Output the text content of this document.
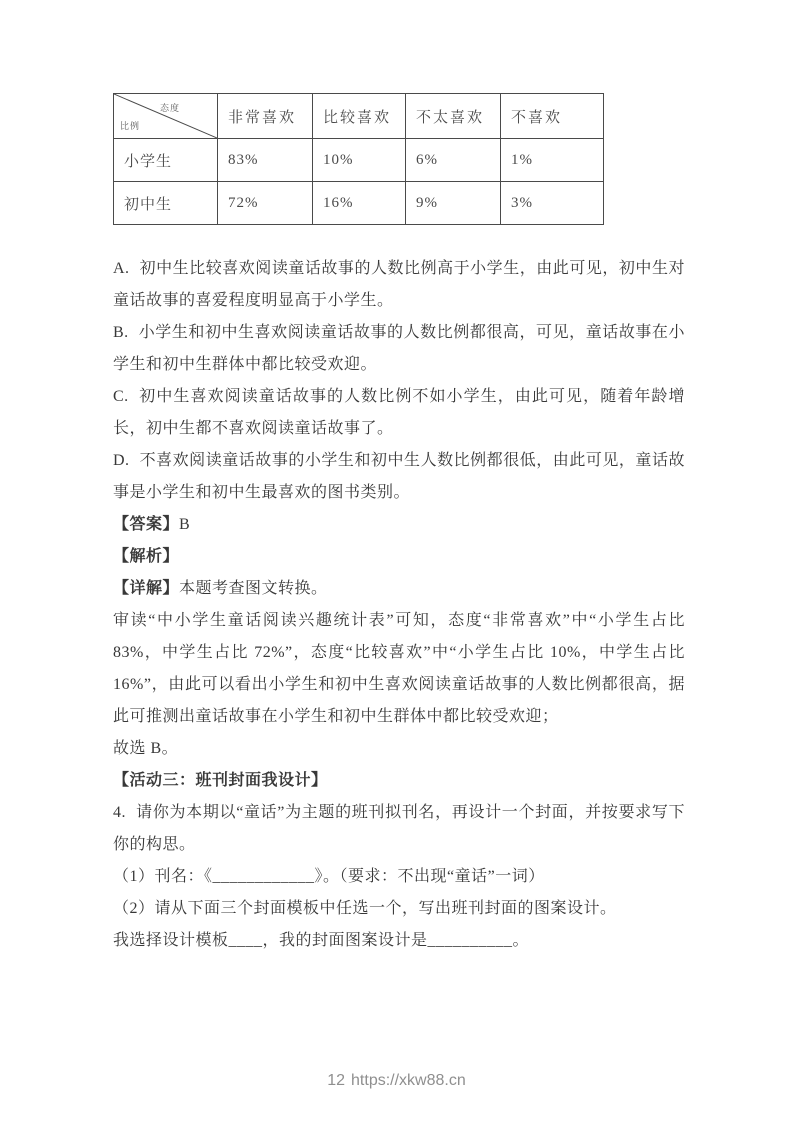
态度
比例	非常喜欢	比较喜欢	不太喜欢	不喜欢
小学生	83%	10%	6%	1%
初中生	72%	16%	9%	3%

A. 初中生比较喜欢阅读童话故事的人数比例高于小学生，由此可见，初中生对童话故事的喜爱程度明显高于小学生。

B. 小学生和初中生喜欢阅读童话故事的人数比例都很高，可见，童话故事在小学生和初中生群体中都比较受欢迎。

C. 初中生喜欢阅读童话故事的人数比例不如小学生，由此可见，随着年龄增长，初中生都不喜欢阅读童话故事了。

D. 不喜欢阅读童话故事的小学生和初中生人数比例都很低，由此可见，童话故事是小学生和初中生最喜欢的图书类别。

【答案】B

【解析】

【详解】本题考查图文转换。

审读“中小学生童话阅读兴趣统计表”可知，态度“非常喜欢”中“小学生占比 83%，中学生占比 72%”，态度“比较喜欢”中“小学生占比 10%，中学生占比 16%”，由此可以看出小学生和初中生喜欢阅读童话故事的人数比例都很高，据此可推测出童话故事在小学生和初中生群体中都比较受欢迎；

故选 B。

【活动三：班刊封面我设计】

4. 请你为本期以“童话”为主题的班刊拟刊名，再设计一个封面，并按要求写下你的构思。

（1）刊名：《____________》。（要求：不出现“童话”一词）

（2）请从下面三个封面模板中任选一个，写出班刊封面的图案设计。

我选择设计模板____，我的封面图案设计是__________。

12 https://xkw88.cn
